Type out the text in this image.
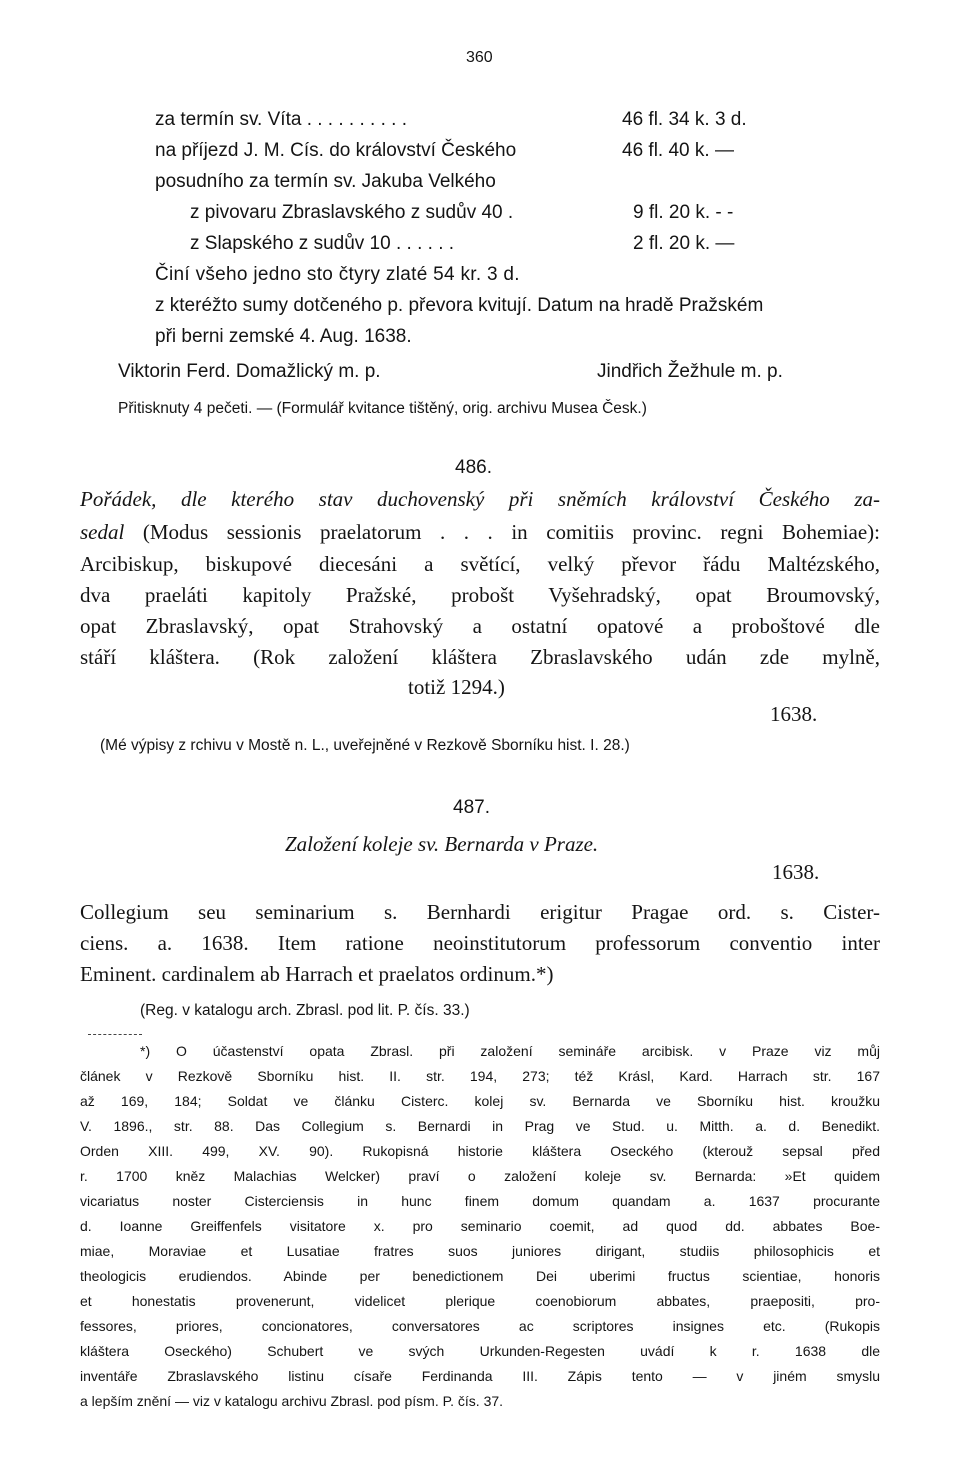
360
za termín sv. Víta . . . . . . . . . .	46 fl. 34 k. 3 d.
na příjezd J. M. Cís. do království Českého	46 fl. 40 k. —
posudního za termín sv. Jakuba Velkého
z pivovaru Zbraslavského z sudův 40 .	9 fl. 20 k. - -
z Slapského z sudův 10 . . . . . .	2 fl. 20 k. —
Činí všeho jedno sto čtyry zlaté 54 kr. 3 d.
z kteréžto sumy dotčeného p. převora kvitují. Datum na hradě Pražském
při berni zemské 4. Aug. 1638.
Viktorin Ferd. Domažlický m. p.	Jindřich Žežhule m. p.
Přitisknuty 4 pečeti. — (Formulář kvitance tištěný, orig. archivu Musea Česk.)
486.
Pořádek, dle kterého stav duchovenský při sněmích království Českého za-
sedal (Modus sessionis praelatorum . . . in comitiis provinc. regni Bohemiae):
Arcibiskup, biskupové diecesáni a světící, velký převor řádu Maltézského,
dva praeláti kapitoly Pražské, probošt Vyšehradský, opat Broumovský,
opat Zbraslavský, opat Strahovský a ostatní opatové a proboštové dle
stáří kláštera. (Rok založení kláštera Zbraslavského udán zde mylně,
totiž 1294.)
1638.
(Mé výpisy z rchivu v Mostě n. L., uveřejněné v Rezkově Sborníku hist. I. 28.)
487.
Založení koleje sv. Bernarda v Praze.
1638.
Collegium seu seminarium s. Bernhardi erigitur Pragae ord. s. Cister-
ciens. a. 1638. Item ratione neoinstitutorum professorum conventio inter
Eminent. cardinalem ab Harrach et praelatos ordinum.*)
(Reg. v katalogu arch. Zbrasl. pod lit. P. čís. 33.)
*) O účastenství opata Zbrasl. při založení semináře arcibisk. v Praze viz můj
článek v Rezkově Sborníku hist. II. str. 194, 273; též Krásl, Kard. Harrach str. 167
až 169, 184; Soldat ve článku Cisterc. kolej sv. Bernarda ve Sborníku hist. kroužku
V. 1896., str. 88. Das Collegium s. Bernardi in Prag ve Stud. u. Mitth. a. d. Benedikt.
Orden XIII. 499, XV. 90). Rukopisná historie kláštera Oseckého (kterouž sepsal před
r. 1700 kněz Malachias Welcker) praví o založení koleje sv. Bernarda: »Et quidem
vicariatus noster Cisterciensis in hunc finem domum quandam a. 1637 procurante
d. Ioanne Greiffenfels visitatore x. pro seminario coemit, ad quod dd. abbates Boe-
miae, Moraviae et Lusatiae fratres suos juniores dirigant, studiis philosophicis et
theologicis erudiendos. Abinde per benedictionem Dei uberimi fructus scientiae, honoris
et honestatis provenerunt, videlicet plerique coenobiorum abbates, praepositi, pro-
fessores, priores, concionatores, conversatores ac scriptores insignes etc. (Rukopis
kláštera Oseckého) Schubert ve svých Urkunden-Regesten uvádí k r. 1638 dle
inventáře Zbraslavského listinu císaře Ferdinanda III. Zápis tento — v jiném smyslu
a lepším znění — viz v katalogu archivu Zbrasl. pod písm. P. čís. 37.
